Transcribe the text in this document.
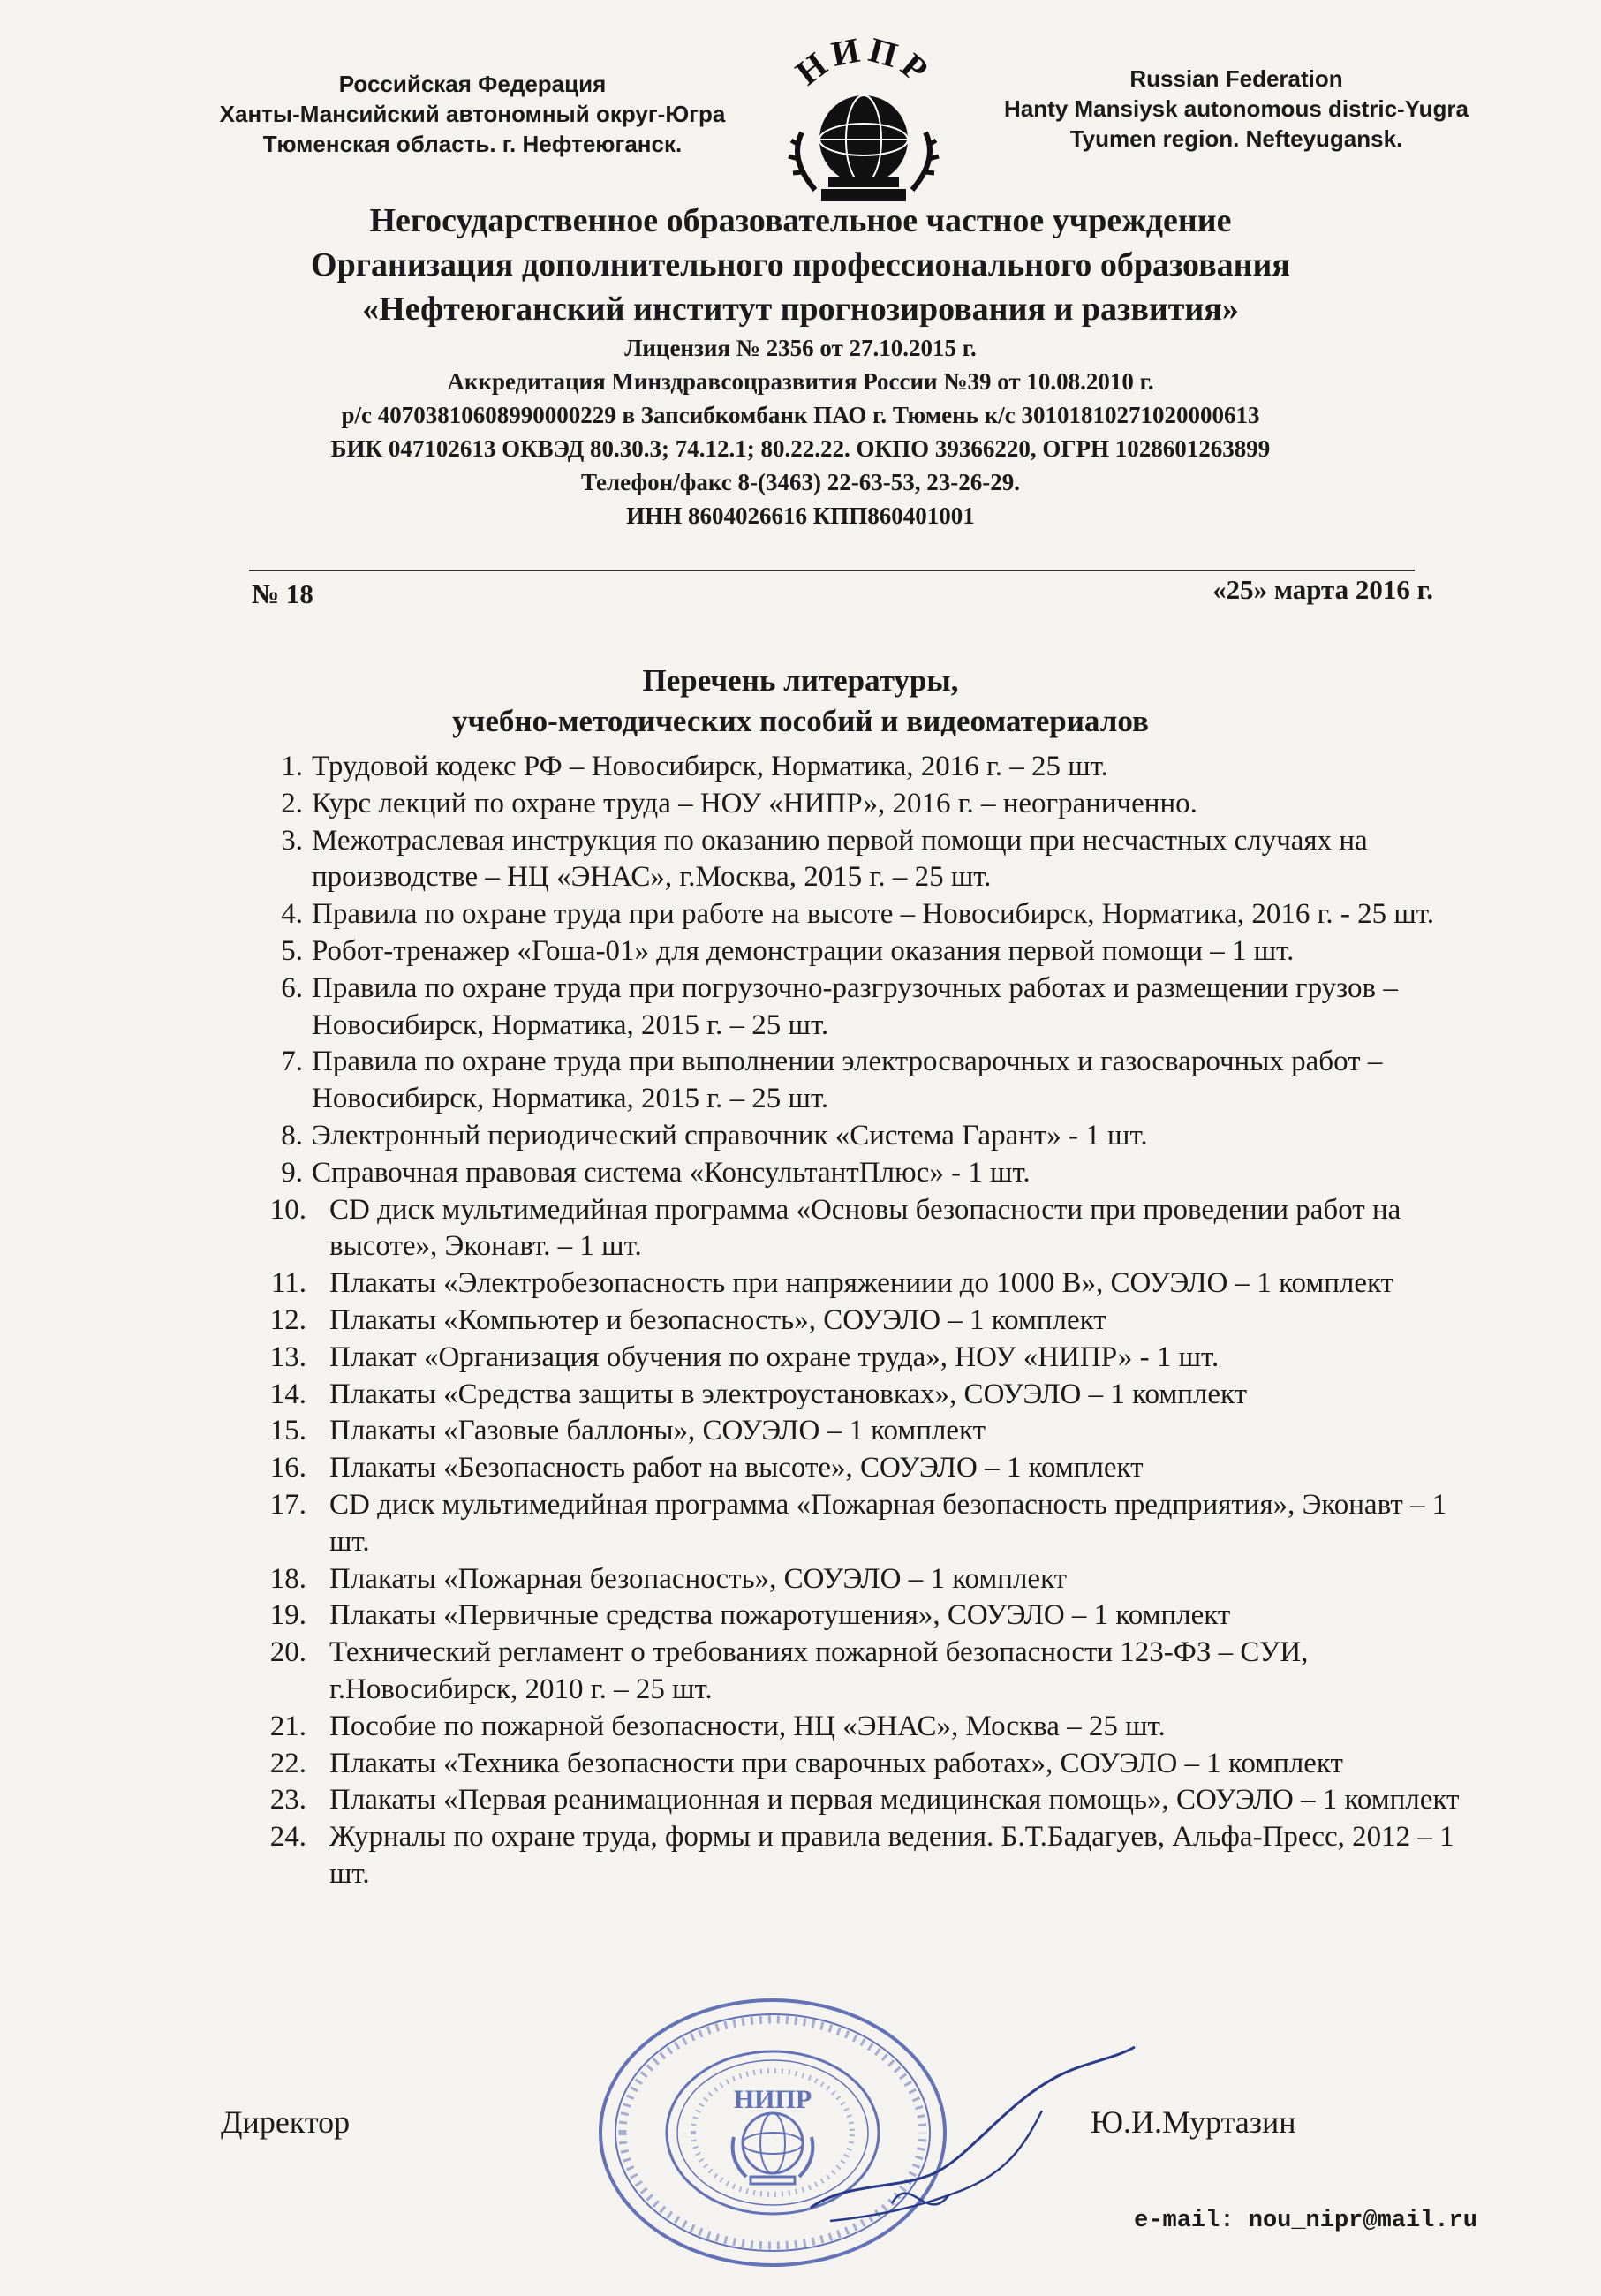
Российская Федерация
Ханты-Мансийский автономный округ-Югра
Тюменская область. г. Нефтеюганск.
НИПР	Russian Federation
Hanty Mansiysk autonomous distric-Yugra
Tyumen region. Nefteyugansk.
Негосударственное образовательное частное учреждение
Организация дополнительного профессионального образования
«Нефтеюганский институт прогнозирования и развития»
Лицензия № 2356 от 27.10.2015 г.
Аккредитация Минздравсоцразвития России №39 от 10.08.2010 г.
р/с 40703810608990000229 в Запсибкомбанк ПАО г. Тюмень к/с 30101810271020000613
БИК 047102613 ОКВЭД 80.30.3; 74.12.1; 80.22.22. ОКПО 39366220, ОГРН 1028601263899
Телефон/факс 8-(3463) 22-63-53, 23-26-29.
ИНН 8604026616 КПП860401001
№ 18	«25» марта 2016 г.
Перечень литературы,
учебно-методических пособий и видеоматериалов
1. Трудовой кодекс РФ – Новосибирск, Норматика, 2016 г. – 25 шт.
2. Курс лекций по охране труда – НОУ «НИПР», 2016 г. – неограниченно.
3. Межотраслевая инструкция по оказанию первой помощи при несчастных случаях на производстве – НЦ «ЭНАС», г.Москва, 2015 г. – 25 шт.
4. Правила по охране труда при работе на высоте – Новосибирск, Норматика, 2016 г. - 25 шт.
5. Робот-тренажер «Гоша-01» для демонстрации оказания первой помощи – 1 шт.
6. Правила по охране труда при погрузочно-разгрузочных работах и размещении грузов – Новосибирск, Норматика, 2015 г. – 25 шт.
7. Правила по охране труда при выполнении электросварочных и газосварочных работ – Новосибирск, Норматика, 2015 г. – 25 шт.
8. Электронный периодический справочник «Система Гарант» - 1 шт.
9. Справочная правовая система «КонсультантПлюс» - 1 шт.
10. CD диск мультимедийная программа «Основы безопасности при проведении работ на высоте», Эконавт. – 1 шт.
11. Плакаты «Электробезопасность при напряжениии до 1000 В», СОУЭЛО – 1 комплект
12. Плакаты «Компьютер и безопасность», СОУЭЛО – 1 комплект
13. Плакат «Организация обучения по охране труда», НОУ «НИПР» - 1 шт.
14. Плакаты «Средства защиты в электроустановках», СОУЭЛО – 1 комплект
15. Плакаты «Газовые баллоны», СОУЭЛО – 1 комплект
16. Плакаты «Безопасность работ на высоте», СОУЭЛО – 1 комплект
17. CD диск мультимедийная программа «Пожарная безопасность предприятия», Эконавт – 1 шт.
18. Плакаты «Пожарная безопасность», СОУЭЛО – 1 комплект
19. Плакаты «Первичные средства пожаротушения», СОУЭЛО – 1 комплект
20. Технический регламент о требованиях пожарной безопасности 123-ФЗ – СУИ, г.Новосибирск, 2010 г. – 25 шт.
21. Пособие по пожарной безопасности, НЦ «ЭНАС», Москва – 25 шт.
22. Плакаты «Техника безопасности при сварочных работах», СОУЭЛО – 1 комплект
23. Плакаты «Первая реанимационная и первая медицинская помощь», СОУЭЛО – 1 комплект
24. Журналы по охране труда, формы и правила ведения. Б.Т.Бадагуев, Альфа-Пресс, 2012 – 1 шт.
НИПР
Директор	Ю.И.Муртазин
e-mail: nou_nipr@mail.ru
